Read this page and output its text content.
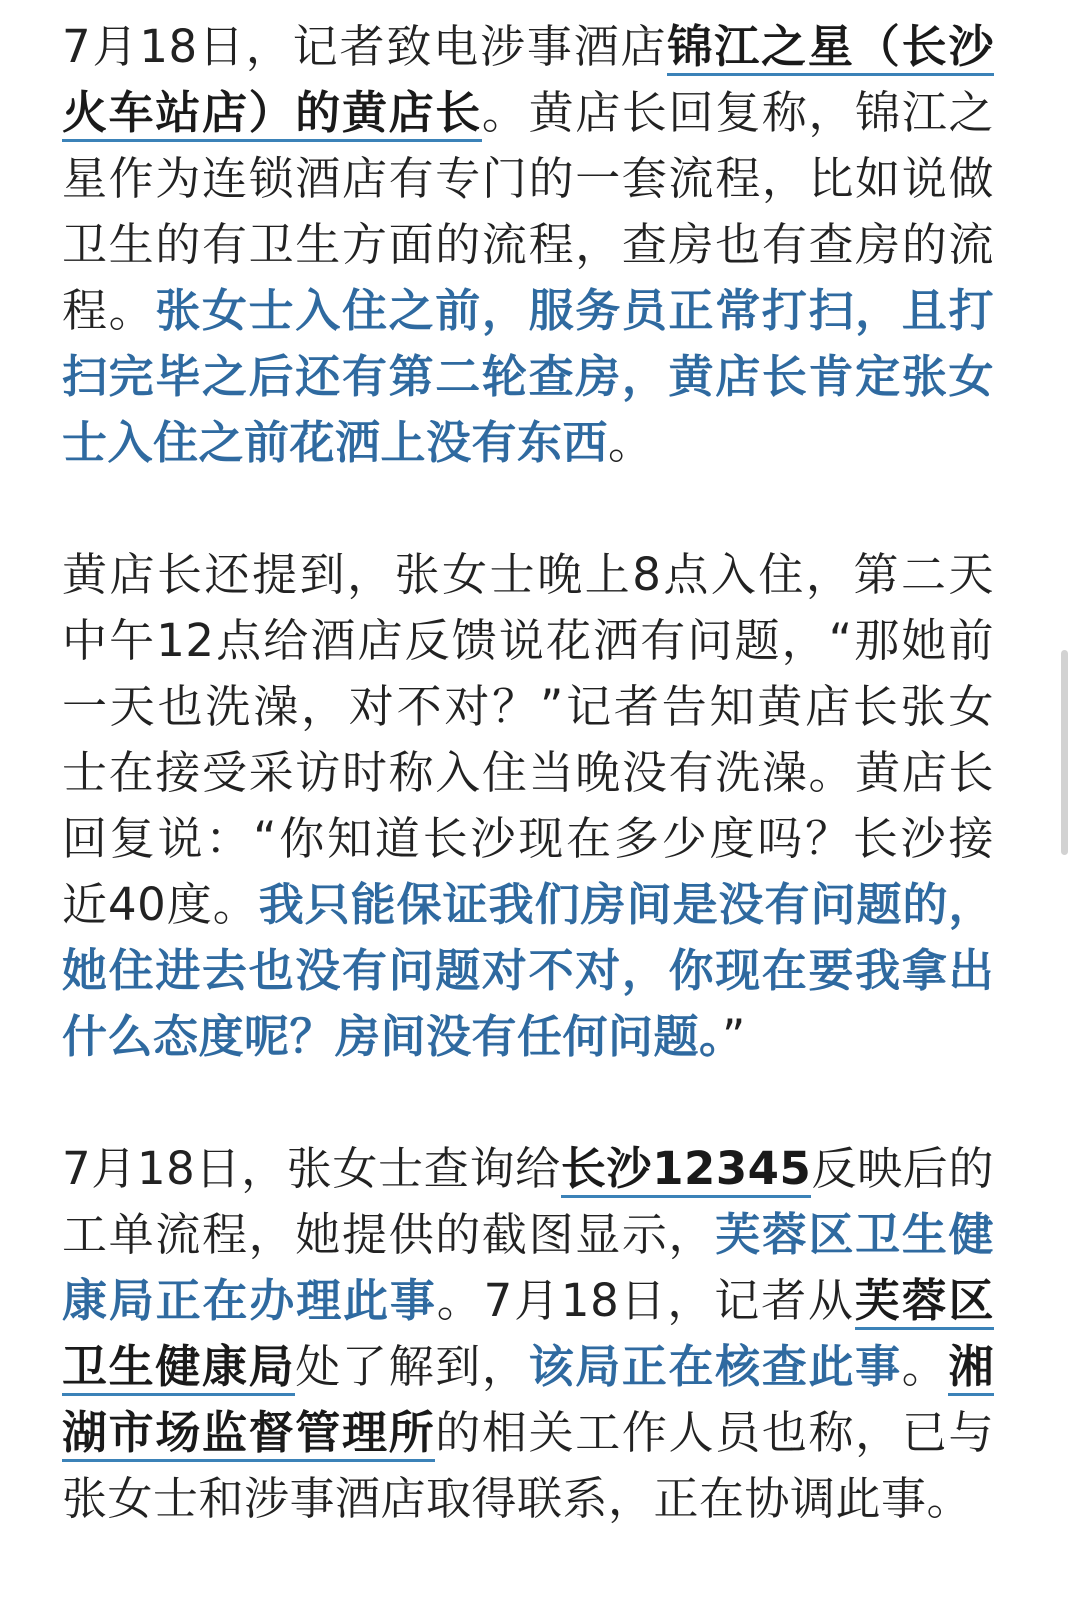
7月18日，记者致电涉事酒店锦江之星（长沙火车站店）的黄店长。黄店长回复称，锦江之星作为连锁酒店有专门的一套流程，比如说做卫生的有卫生方面的流程，查房也有查房的流程。张女士入住之前，服务员正常打扫，且打扫完毕之后还有第二轮查房，黄店长肯定张女士入住之前花洒上没有东西。

黄店长还提到，张女士晚上8点入住，第二天中午12点给酒店反馈说花洒有问题，“那她前一天也洗澡，对不对？”记者告知黄店长张女士在接受采访时称入住当晚没有洗澡。黄店长回复说：“你知道长沙现在多少度吗？长沙接近40度。我只能保证我们房间是没有问题的，她住进去也没有问题对不对，你现在要我拿出什么态度呢？房间没有任何问题。”

7月18日，张女士查询给长沙12345反映后的工单流程，她提供的截图显示，芙蓉区卫生健康局正在办理此事。7月18日，记者从芙蓉区卫生健康局处了解到，该局正在核查此事。湘湖市场监督管理所的相关工作人员也称，已与张女士和涉事酒店取得联系，正在协调此事。
